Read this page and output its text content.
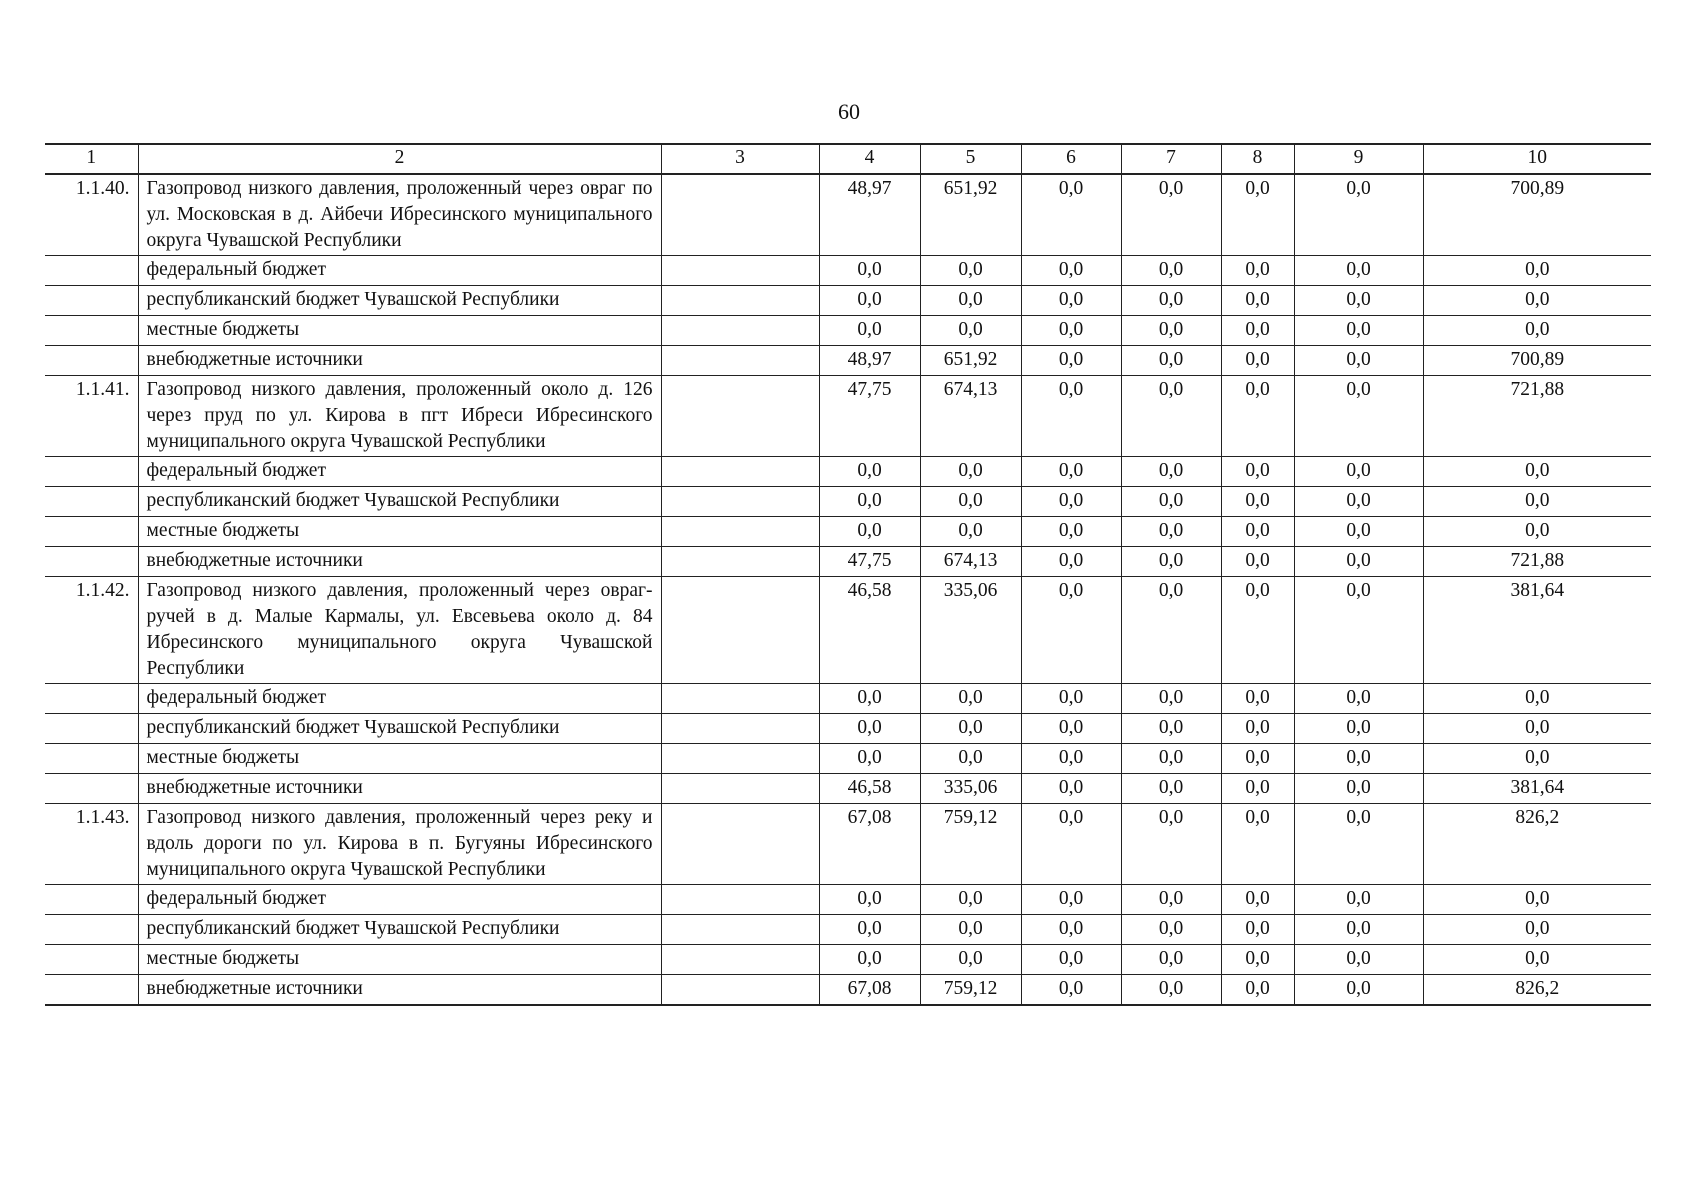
60
1	2	3	4	5	6	7	8	9	10
1.1.40.	Газопровод низкого давления, проложенный через овраг по ул. Московская в д. Айбечи Ибресинского муниципального округа Чувашской Республики		48,97	651,92	0,0	0,0	0,0	0,0	700,89
	федеральный бюджет		0,0	0,0	0,0	0,0	0,0	0,0	0,0
	республиканский бюджет Чувашской Республики		0,0	0,0	0,0	0,0	0,0	0,0	0,0
	местные бюджеты		0,0	0,0	0,0	0,0	0,0	0,0	0,0
	внебюджетные источники		48,97	651,92	0,0	0,0	0,0	0,0	700,89
1.1.41.	Газопровод низкого давления, проложенный около д. 126 через пруд по ул. Кирова в пгт Ибреси Ибресинского муниципального округа Чувашской Республики		47,75	674,13	0,0	0,0	0,0	0,0	721,88
	федеральный бюджет		0,0	0,0	0,0	0,0	0,0	0,0	0,0
	республиканский бюджет Чувашской Республики		0,0	0,0	0,0	0,0	0,0	0,0	0,0
	местные бюджеты		0,0	0,0	0,0	0,0	0,0	0,0	0,0
	внебюджетные источники		47,75	674,13	0,0	0,0	0,0	0,0	721,88
1.1.42.	Газопровод низкого давления, проложенный через овраг-ручей в д. Малые Кармалы, ул. Евсевьева около д. 84 Ибресинского муниципального округа Чувашской Республики		46,58	335,06	0,0	0,0	0,0	0,0	381,64
	федеральный бюджет		0,0	0,0	0,0	0,0	0,0	0,0	0,0
	республиканский бюджет Чувашской Республики		0,0	0,0	0,0	0,0	0,0	0,0	0,0
	местные бюджеты		0,0	0,0	0,0	0,0	0,0	0,0	0,0
	внебюджетные источники		46,58	335,06	0,0	0,0	0,0	0,0	381,64
1.1.43.	Газопровод низкого давления, проложенный через реку и вдоль дороги по ул. Кирова в п. Бугуяны Ибресинского муниципального округа Чувашской Республики		67,08	759,12	0,0	0,0	0,0	0,0	826,2
	федеральный бюджет		0,0	0,0	0,0	0,0	0,0	0,0	0,0
	республиканский бюджет Чувашской Республики		0,0	0,0	0,0	0,0	0,0	0,0	0,0
	местные бюджеты		0,0	0,0	0,0	0,0	0,0	0,0	0,0
	внебюджетные источники		67,08	759,12	0,0	0,0	0,0	0,0	826,2
